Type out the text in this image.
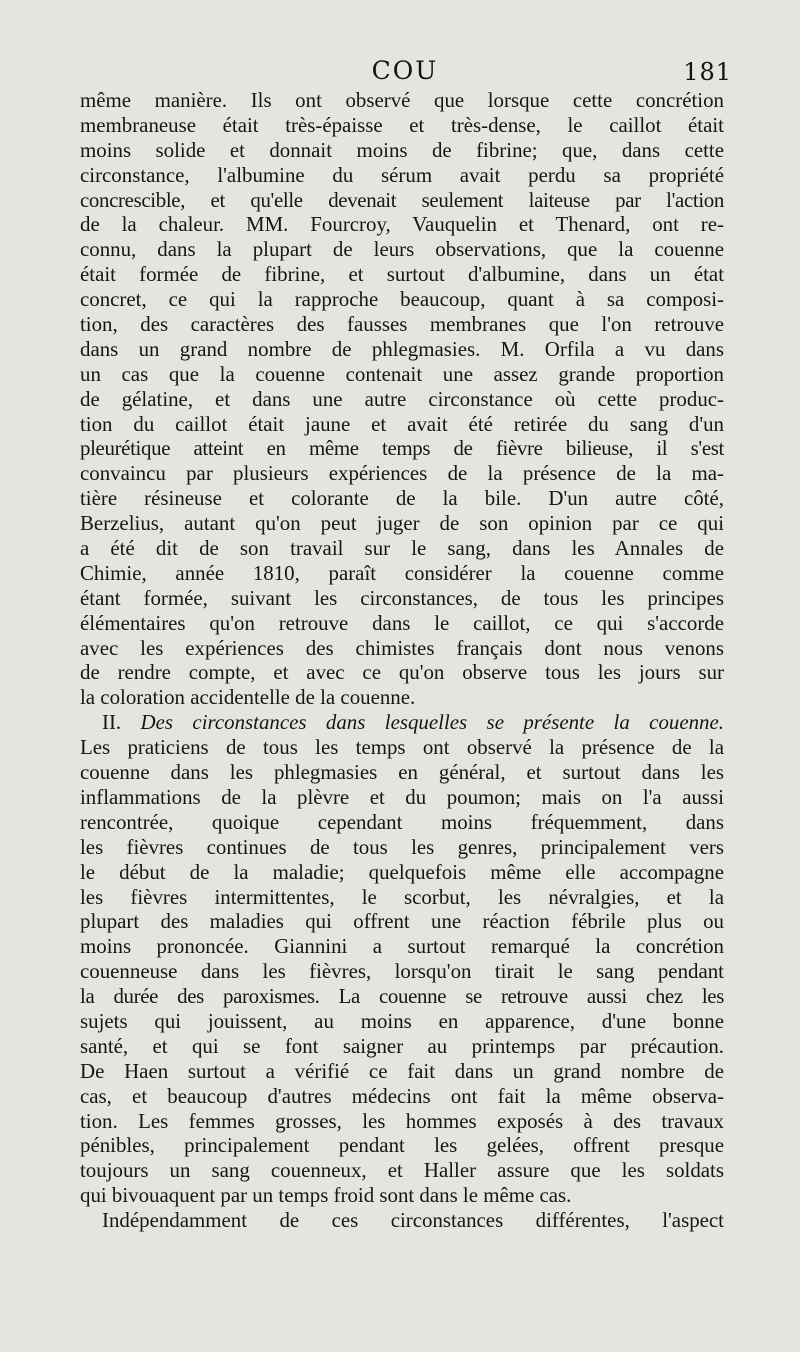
COU	181
même manière. Ils ont observé que lorsque cette concrétion
membraneuse était très-épaisse et très-dense, le caillot était
moins solide et donnait moins de fibrine; que, dans cette
circonstance, l'albumine du sérum avait perdu sa propriété
concrescible, et qu'elle devenait seulement laiteuse par l'action
de la chaleur. MM. Fourcroy, Vauquelin et Thenard, ont re-
connu, dans la plupart de leurs observations, que la couenne
était formée de fibrine, et surtout d'albumine, dans un état
concret, ce qui la rapproche beaucoup, quant à sa composi-
tion, des caractères des fausses membranes que l'on retrouve
dans un grand nombre de phlegmasies. M. Orfila a vu dans
un cas que la couenne contenait une assez grande proportion
de gélatine, et dans une autre circonstance où cette produc-
tion du caillot était jaune et avait été retirée du sang d'un
pleurétique atteint en même temps de fièvre bilieuse, il s'est
convaincu par plusieurs expériences de la présence de la ma-
tière résineuse et colorante de la bile. D'un autre côté,
Berzelius, autant qu'on peut juger de son opinion par ce qui
a été dit de son travail sur le sang, dans les Annales de
Chimie, année 1810, paraît considérer la couenne comme
étant formée, suivant les circonstances, de tous les principes
élémentaires qu'on retrouve dans le caillot, ce qui s'accorde
avec les expériences des chimistes français dont nous venons
de rendre compte, et avec ce qu'on observe tous les jours sur
la coloration accidentelle de la couenne.
II. Des circonstances dans lesquelles se présente la couenne.
Les praticiens de tous les temps ont observé la présence de la
couenne dans les phlegmasies en général, et surtout dans les
inflammations de la plèvre et du poumon; mais on l'a aussi
rencontrée, quoique cependant moins fréquemment, dans
les fièvres continues de tous les genres, principalement vers
le début de la maladie; quelquefois même elle accompagne
les fièvres intermittentes, le scorbut, les névralgies, et la
plupart des maladies qui offrent une réaction fébrile plus ou
moins prononcée. Giannini a surtout remarqué la concrétion
couenneuse dans les fièvres, lorsqu'on tirait le sang pendant
la durée des paroxismes. La couenne se retrouve aussi chez les
sujets qui jouissent, au moins en apparence, d'une bonne
santé, et qui se font saigner au printemps par précaution.
De Haen surtout a vérifié ce fait dans un grand nombre de
cas, et beaucoup d'autres médecins ont fait la même observa-
tion. Les femmes grosses, les hommes exposés à des travaux
pénibles, principalement pendant les gelées, offrent presque
toujours un sang couenneux, et Haller assure que les soldats
qui bivouaquent par un temps froid sont dans le même cas.
Indépendamment de ces circonstances différentes, l'aspect
